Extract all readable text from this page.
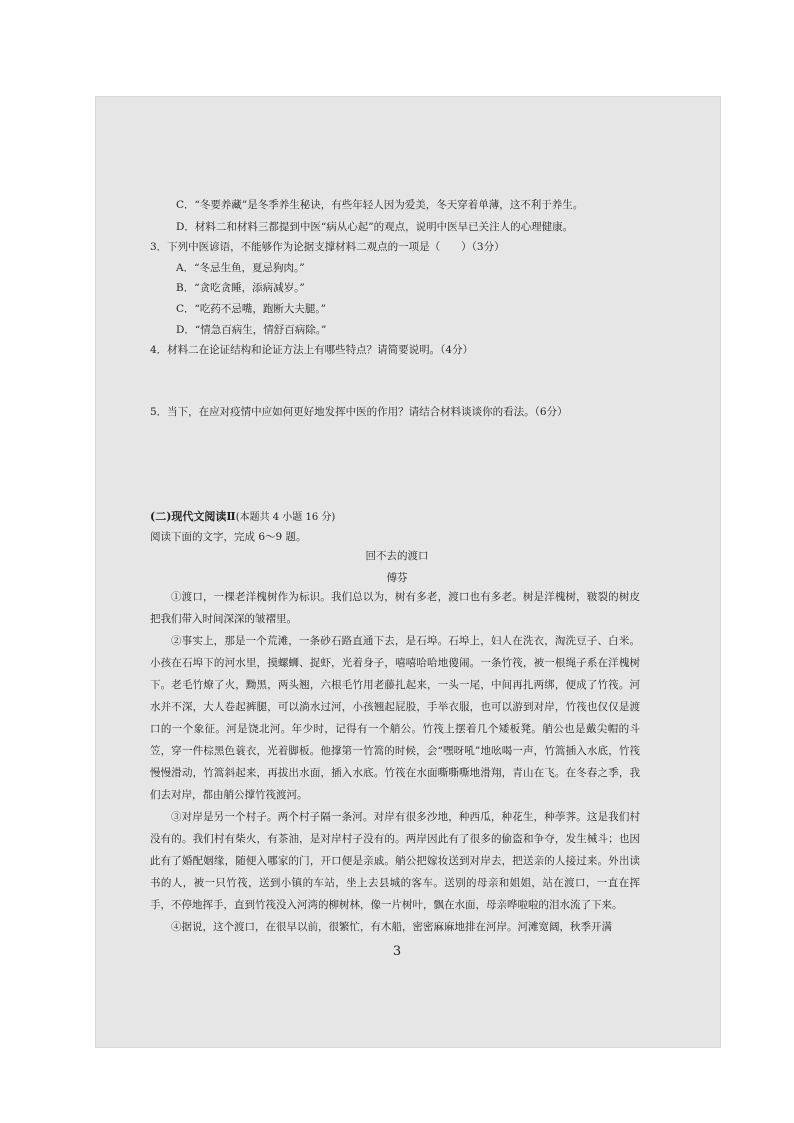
C．“冬要养藏”是冬季养生秘诀，有些年轻人因为爱美，冬天穿着单薄，这不利于养生。
D．材料二和材料三都提到中医“病从心起”的观点，说明中医早已关注人的心理健康。
3．下列中医谚语，不能够作为论据支撑材料二观点的一项是（　　）（3分）
A．“冬忌生鱼，夏忌狗肉。”
B．“贪吃贪睡，添病减岁。”
C．“吃药不忌嘴，跑断大夫腿。”
D．“情急百病生，情舒百病除。”
4．材料二在论证结构和论证方法上有哪些特点？请简要说明。（4分）
5．当下，在应对疫情中应如何更好地发挥中医的作用？请结合材料谈谈你的看法。（6分）
(二)现代文阅读Ⅱ(本题共 4 小题 16 分)
阅读下面的文字，完成 6～9 题。
回不去的渡口
傅芬

①渡口，一棵老洋槐树作为标识。我们总以为，树有多老，渡口也有多老。树是洋槐树，皲裂的树皮把我们带入时间深深的皱褶里。

②事实上，那是一个荒滩，一条砂石路直通下去，是石埠。石埠上，妇人在洗衣，淘洗豆子、白米。小孩在石埠下的河水里，摸螺蛳、捉虾，光着身子，嘻嘻哈哈地傻闹。一条竹筏，被一根绳子系在洋槐树下。老毛竹燎了火，黝黑，两头翘，六根毛竹用老藤扎起来，一头一尾，中间再扎两绑，便成了竹筏。河水并不深，大人卷起裤腿，可以淌水过河，小孩翘起屁股，手举衣服，也可以游到对岸，竹筏也仅仅是渡口的一个象征。河是饶北河。年少时，记得有一个艄公。竹筏上摆着几个矮板凳。艄公也是戴尖帽的斗笠，穿一件棕黑色蓑衣，光着脚板。他撑第一竹篙的时候，会“嘿呀吼”地吆喝一声，竹篙插入水底，竹筏慢慢滑动，竹篙斜起来，再拔出水面，插入水底。竹筏在水面嘶嘶嘶地滑翔，青山在飞。在冬春之季，我们去对岸，都由艄公撑竹筏渡河。

③对岸是另一个村子。两个村子隔一条河。对岸有很多沙地，种西瓜，种花生，种荸荠。这是我们村没有的。我们村有柴火，有茶油，是对岸村子没有的。两岸因此有了很多的偷盗和争夺，发生械斗；也因此有了婚配姻缘，随便入哪家的门，开口便是亲戚。艄公把嫁妆送到对岸去，把送亲的人接过来。外出读书的人，被一只竹筏，送到小镇的车站，坐上去县城的客车。送别的母亲和姐姐，站在渡口，一直在挥手，不停地挥手，直到竹筏没入河湾的柳树林，像一片树叶，飘在水面，母亲哗啦啦的泪水流了下来。

④据说，这个渡口，在很早以前，很繁忙，有木船，密密麻麻地排在河岸。河滩宽阔，秋季开满

3
